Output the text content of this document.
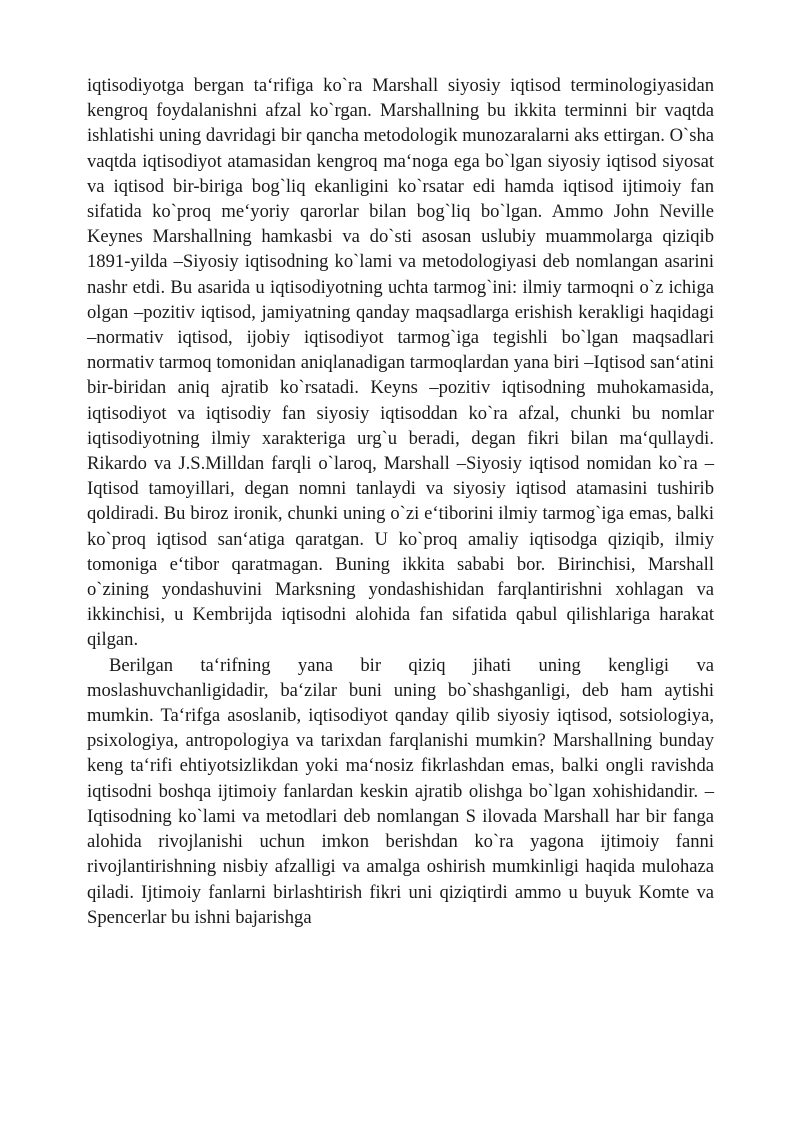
iqtisodiyotga bergan ta‘rifiga ko`ra Marshall siyosiy iqtisod terminologiyasidan kengroq foydalanishni afzal ko`rgan. Marshallning bu ikkita terminni bir vaqtda ishlatishi uning davridagi bir qancha metodologik munozaralarni aks ettirgan. O`sha vaqtda iqtisodiyot atamasidan kengroq ma‘noga ega bo`lgan siyosiy iqtisod siyosat va iqtisod bir-biriga bog`liq ekanligini ko`rsatar edi hamda iqtisod ijtimoiy fan sifatida ko`proq me‘yoriy qarorlar bilan bog`liq bo`lgan. Ammo John Neville Keynes Marshallning hamkasbi va do`sti asosan uslubiy muammolarga qiziqib 1891-yilda –Siyosiy iqtisodning ko`lami va metodologiyasi deb nomlangan asarini nashr etdi. Bu asarida u iqtisodiyotning uchta tarmog`ini: ilmiy tarmoqni o`z ichiga olgan –pozitiv iqtisod, jamiyatning qanday maqsadlarga erishish kerakligi haqidagi –normativ iqtisod, ijobiy iqtisodiyot tarmog`iga tegishli bo`lgan maqsadlari normativ tarmoq tomonidan aniqlanadigan tarmoqlardan yana biri –Iqtisod san‘atini bir-biridan aniq ajratib ko`rsatadi. Keyns –pozitiv iqtisodning muhokamasida, iqtisodiyot va iqtisodiy fan siyosiy iqtisoddan ko`ra afzal, chunki bu nomlar iqtisodiyotning ilmiy xarakteriga urg`u beradi, degan fikri bilan ma‘qullaydi. Rikardo va J.S.Milldan farqli o`laroq, Marshall –Siyosiy iqtisod nomidan ko`ra –Iqtisod tamoyillari, degan nomni tanlaydi va siyosiy iqtisod atamasini tushirib qoldiradi. Bu biroz ironik, chunki uning o`zi e‘tiborini ilmiy tarmog`iga emas, balki ko`proq iqtisod san‘atiga qaratgan. U ko`proq amaliy iqtisodga qiziqib, ilmiy tomoniga e‘tibor qaratmagan. Buning ikkita sababi bor. Birinchisi, Marshall o`zining yondashuvini Marksning yondashishidan farqlantirishni xohlagan va ikkinchisi, u Kembrijda iqtisodni alohida fan sifatida qabul qilishlariga harakat qilgan.

Berilgan ta‘rifning yana bir qiziq jihati uning kengligi va moslashuvchanligidadir, ba‘zilar buni uning bo`shashganligi, deb ham aytishi mumkin. Ta‘rifga asoslanib, iqtisodiyot qanday qilib siyosiy iqtisod, sotsiologiya, psixologiya, antropologiya va tarixdan farqlanishi mumkin? Marshallning bunday keng ta‘rifi ehtiyotsizlikdan yoki ma‘nosiz fikrlashdan emas, balki ongli ravishda iqtisodni boshqa ijtimoiy fanlardan keskin ajratib olishga bo`lgan xohishidandir. –Iqtisodning ko`lami va metodlari deb nomlangan S ilovada Marshall har bir fanga alohida rivojlanishi uchun imkon berishdan ko`ra yagona ijtimoiy fanni rivojlantirishning nisbiy afzalligi va amalga oshirish mumkinligi haqida mulohaza qiladi. Ijtimoiy fanlarni birlashtirish fikri uni qiziqtirdi ammo u buyuk Komte va Spencerlar bu ishni bajarishga
